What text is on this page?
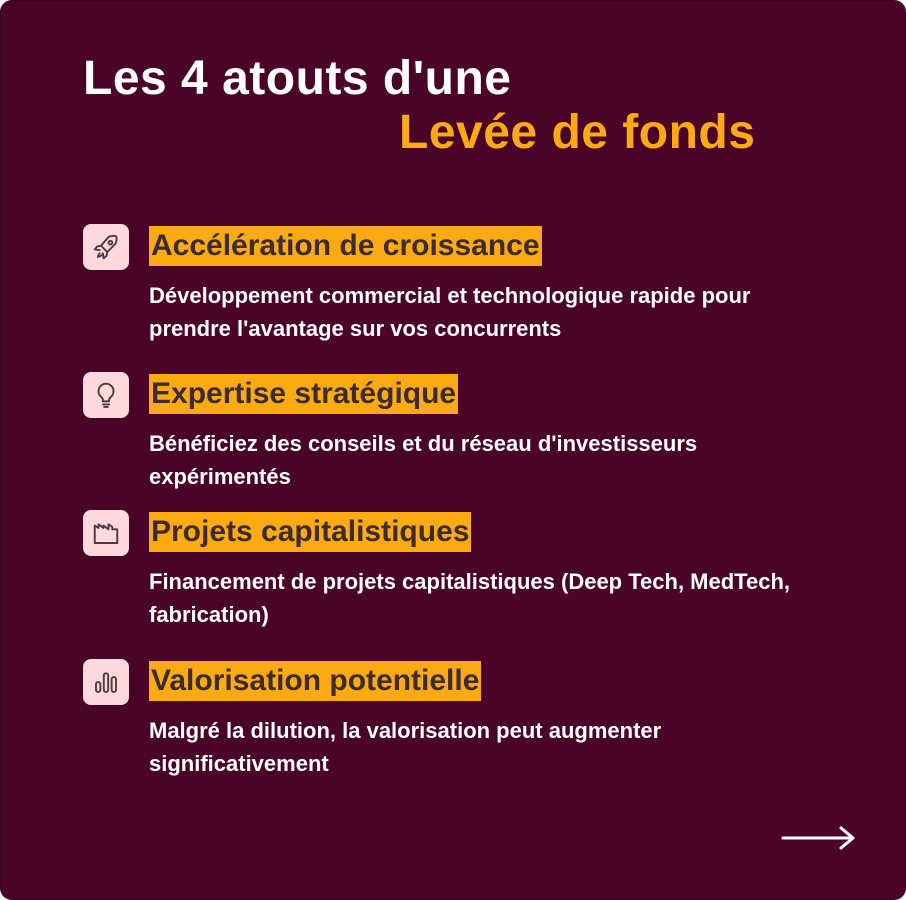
Les 4 atouts d'une
Levée de fonds
Accélération de croissance
Développement commercial et technologique rapide pour prendre l'avantage sur vos concurrents
Expertise stratégique
Bénéficiez des conseils et du réseau d'investisseurs expérimentés
Projets capitalistiques
Financement de projets capitalistiques (Deep Tech, MedTech, fabrication)
Valorisation potentielle
Malgré la dilution, la valorisation peut augmenter significativement
